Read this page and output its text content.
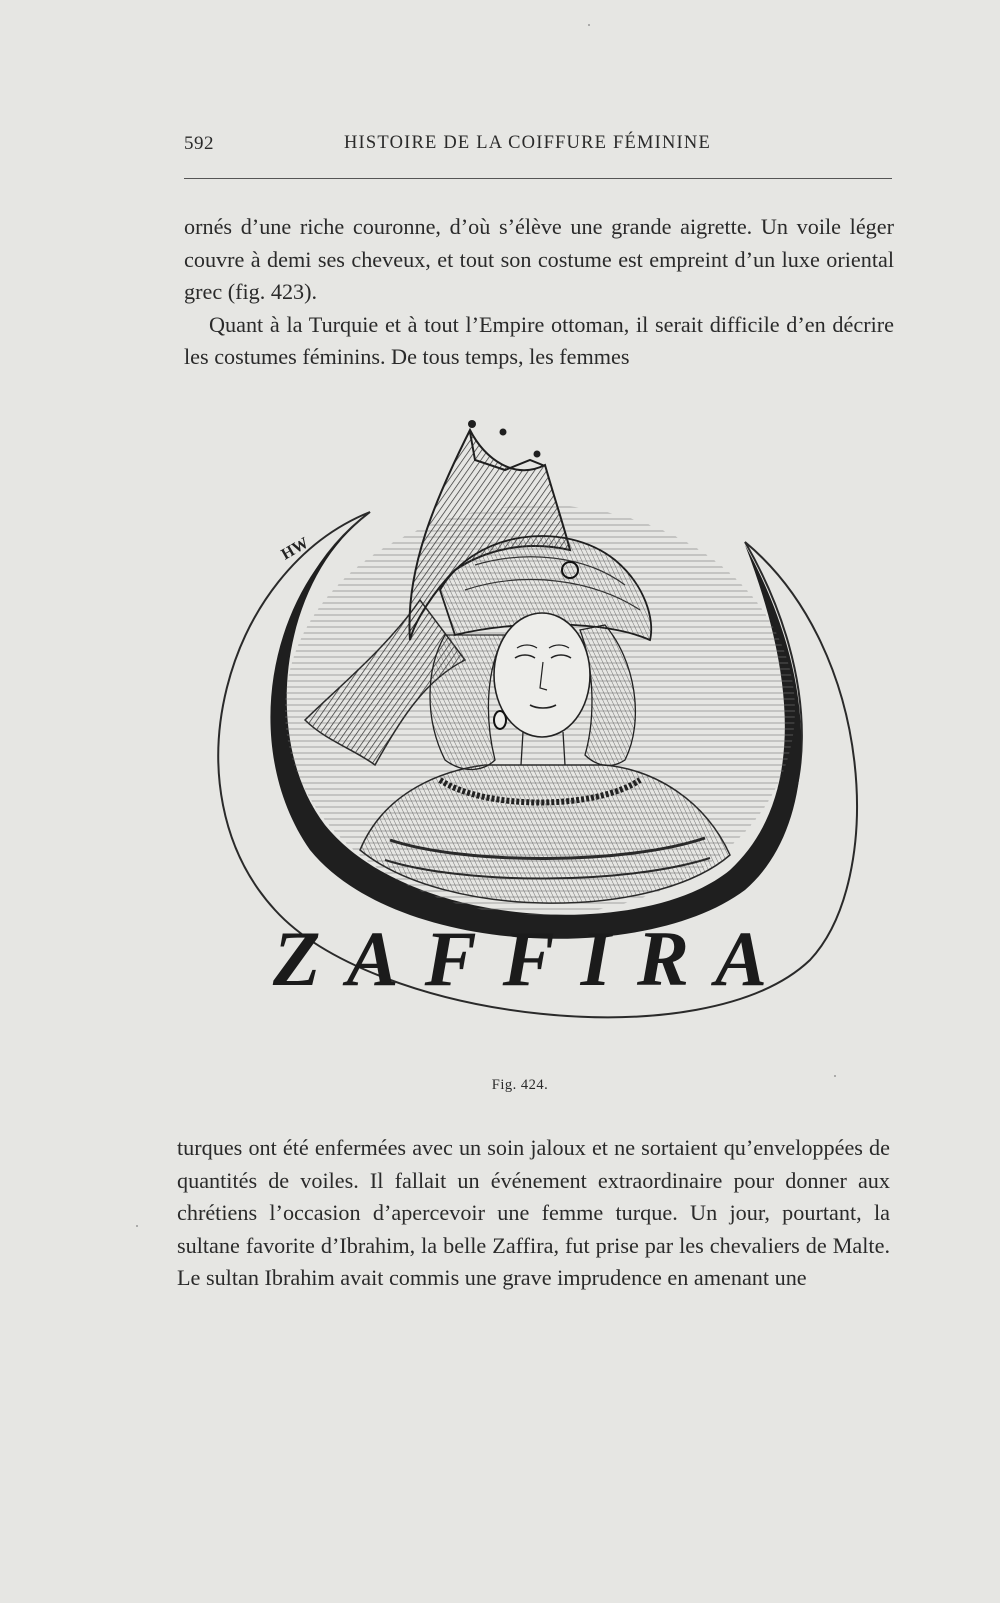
592	HISTOIRE DE LA COIFFURE FÉMININE

ornés d’une riche couronne, d’où s’élève une grande aigrette. Un voile léger couvre à demi ses cheveux, et tout son costume est empreint d’un luxe oriental grec (fig. 423).

Quant à la Turquie et à tout l’Empire ottoman, il serait difficile d’en décrire les costumes féminins. De tous temps, les femmes

HW
ZAFFIRA
Fig. 424.

turques ont été enfermées avec un soin jaloux et ne sortaient qu’enveloppées de quantités de voiles. Il fallait un événement extraordinaire pour donner aux chrétiens l’occasion d’apercevoir une femme turque. Un jour, pourtant, la sultane favorite d’Ibrahim, la belle Zaffira, fut prise par les chevaliers de Malte. Le sultan Ibrahim avait commis une grave imprudence en amenant une
